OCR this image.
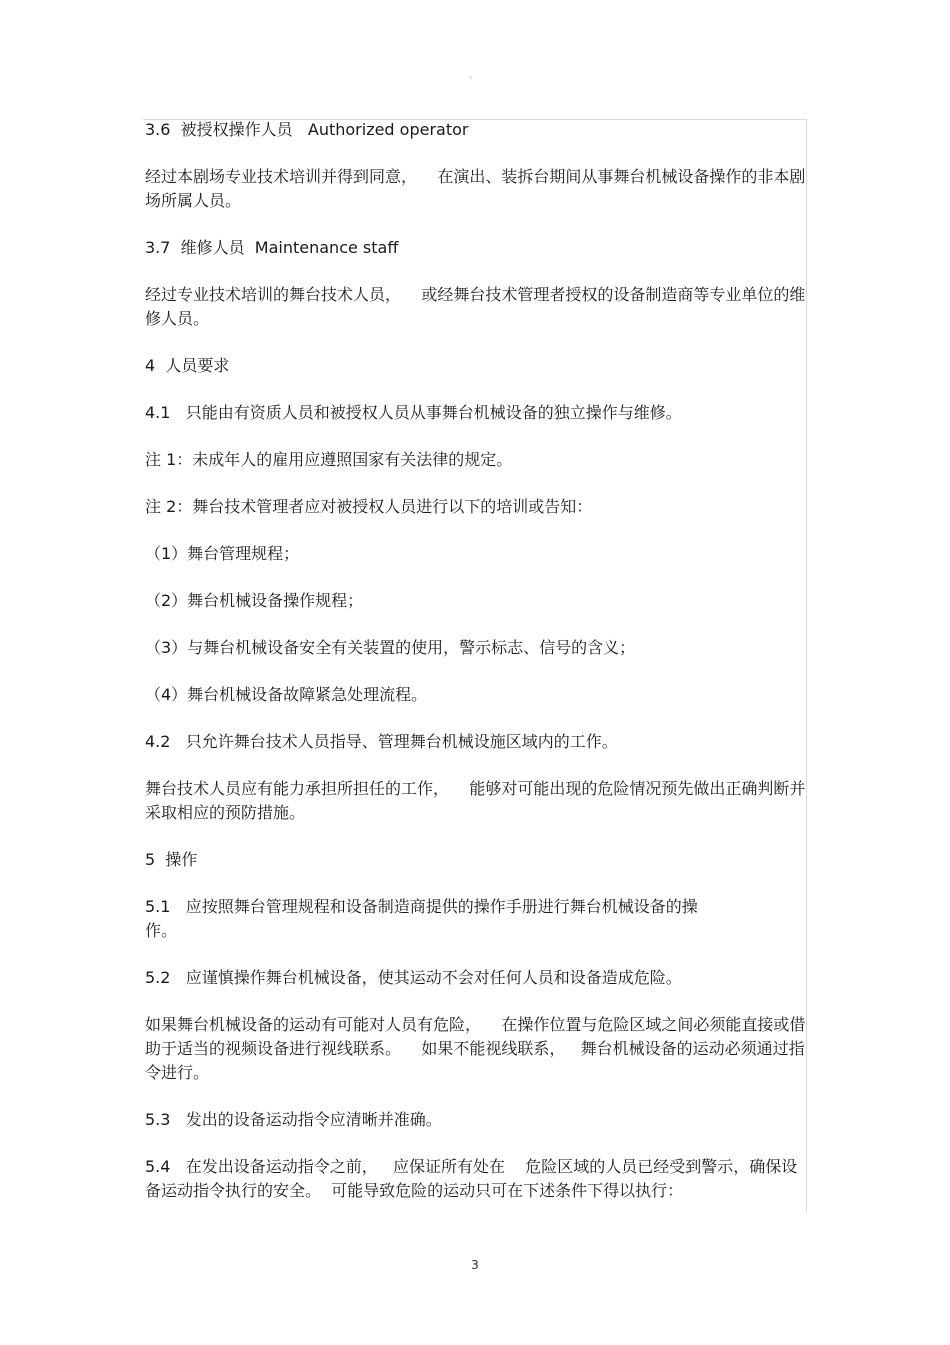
。

3.6  被授权操作人员   Authorized operator

经过本剧场专业技术培训并得到同意，    在演出、装拆台期间从事舞台机械设备操作的非本剧场所属人员。

3.7  维修人员  Maintenance staff

经过专业技术培训的舞台技术人员，    或经舞台技术管理者授权的设备制造商等专业单位的维修人员。

4  人员要求

4.1   只能由有资质人员和被授权人员从事舞台机械设备的独立操作与维修。

注 1：未成年人的雇用应遵照国家有关法律的规定。

注 2：舞台技术管理者应对被授权人员进行以下的培训或告知：

（1）舞台管理规程；

（2）舞台机械设备操作规程；

（3）与舞台机械设备安全有关装置的使用，警示标志、信号的含义；

（4）舞台机械设备故障紧急处理流程。

4.2   只允许舞台技术人员指导、管理舞台机械设施区域内的工作。

舞台技术人员应有能力承担所担任的工作，    能够对可能出现的危险情况预先做出正确判断并采取相应的预防措施。

5  操作

5.1   应按照舞台管理规程和设备制造商提供的操作手册进行舞台机械设备的操
作。

5.2   应谨慎操作舞台机械设备，使其运动不会对任何人员和设备造成危险。

如果舞台机械设备的运动有可能对人员有危险，    在操作位置与危险区域之间必须能直接或借助于适当的视频设备进行视线联系。    如果不能视线联系，   舞台机械设备的运动必须通过指令进行。

5.3   发出的设备运动指令应清晰并准确。

5.4   在发出设备运动指令之前，   应保证所有处在    危险区域的人员已经受到警示，确保设备运动指令执行的安全。  可能导致危险的运动只可在下述条件下得以执行：

3
